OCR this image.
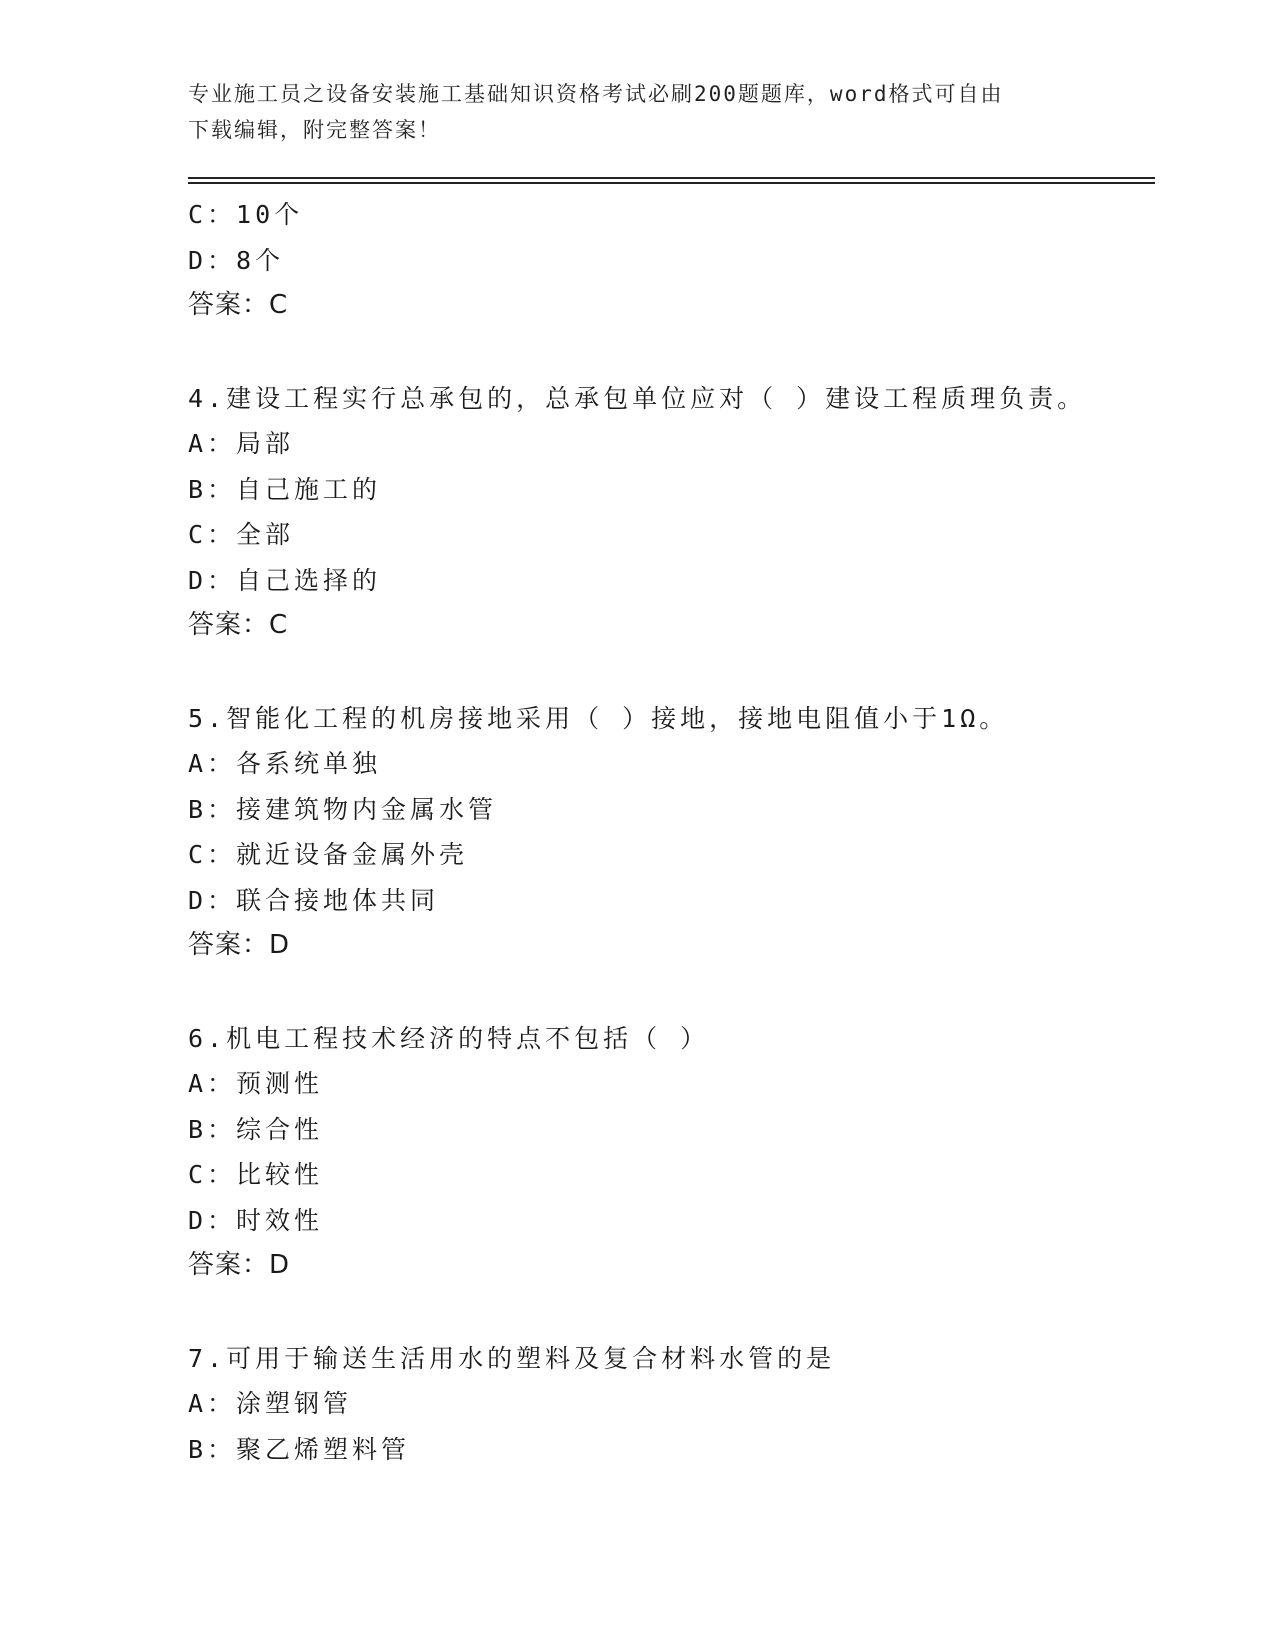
专业施工员之设备安装施工基础知识资格考试必刷200题题库，word格式可自由
下载编辑，附完整答案！
C：10个
D：8个
答案：C
4.建设工程实行总承包的，总承包单位应对（ ）建设工程质理负责。
A：局部
B：自己施工的
C：全部
D：自己选择的
答案：C
5.智能化工程的机房接地采用（ ）接地，接地电阻值小于1Ω。
A：各系统单独
B：接建筑物内金属水管
C：就近设备金属外壳
D：联合接地体共同
答案：D
6.机电工程技术经济的特点不包括（ ）
A：预测性
B：综合性
C：比较性
D：时效性
答案：D
7.可用于输送生活用水的塑料及复合材料水管的是
A：涂塑钢管
B：聚乙烯塑料管
